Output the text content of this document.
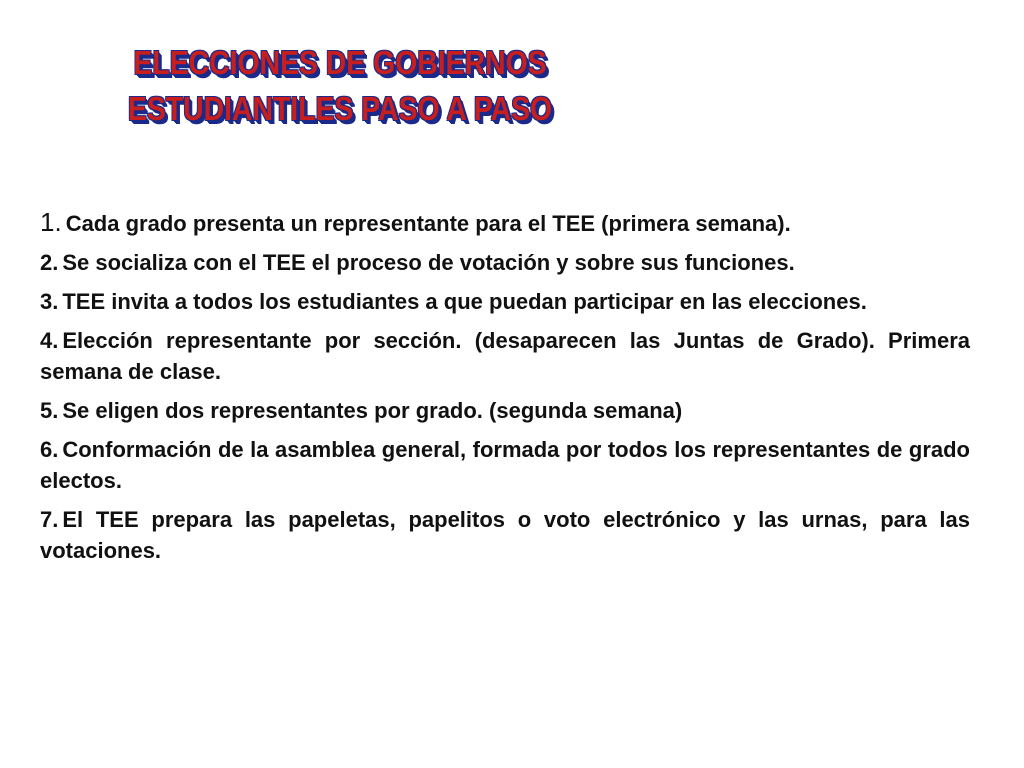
ELECCIONES DE GOBIERNOS
ESTUDIANTILES PASO A PASO

1. Cada grado presenta un representante para el TEE (primera semana).

2. Se socializa con el TEE el proceso de votación y sobre sus funciones.

3. TEE invita a todos los estudiantes a que puedan participar en las elecciones.

4. Elección representante por sección. (desaparecen las Juntas de Grado). Primera semana de clase.

5. Se eligen dos representantes por grado. (segunda semana)

6. Conformación de la asamblea general, formada por todos los representantes de grado electos.

7. El TEE prepara las papeletas, papelitos o voto electrónico y las urnas, para las votaciones.
